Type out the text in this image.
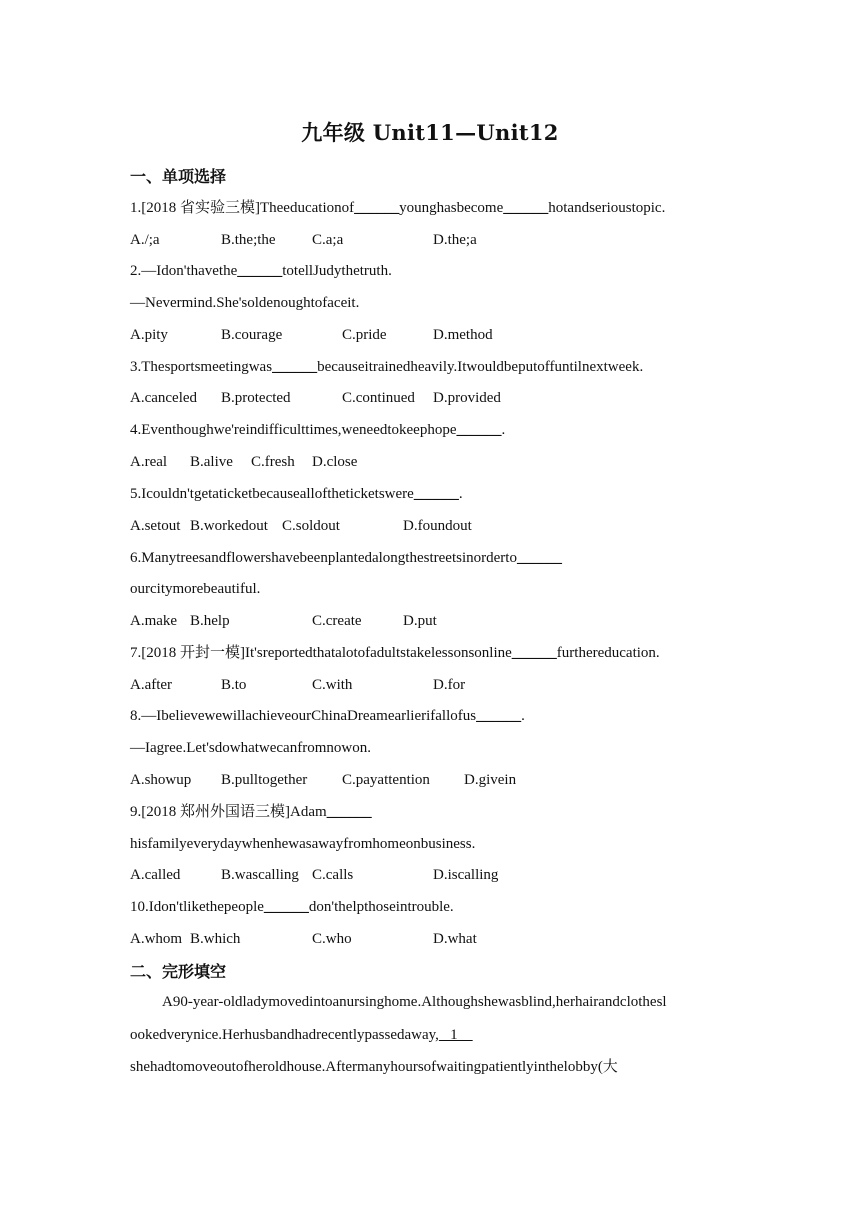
九年级 Unit11—Unit12
一、单项选择
1.[2018 省实验三模]Theeducationof______younghasbecome______hotandserioustopic.
A./;a	B.the;the C.a;a	D.the;a
2.—Idon'thavethe______totellJudythetruth.
—Nevermind.She'soldenoughtofaceit.
A.pity	B.courage	C.pride	D.method
3.Thesportsmeetingwas______becauseitrainedheavily.Itwouldbeputoffuntilnextweek.
A.canceled B.protected	C.continued D.provided
4.Eventhoughwe'reindifficulttimes,weneedtokeephope______.
A.real B.alive C.fresh D.close
5.Icouldn'tgetaticketbecausealloftheticketswere______.
A.setout B.workedout C.soldout	D.foundout
6.Manytreesandflowershavebeenplantedalongthestreetsinorderto______
ourcitymorebeautiful.
A.make B.help	C.create	D.put
7.[2018 开封一模]It'sreportedthatalotofadultstakelessonsonline______furthereducation.
A.after	B.to	C.with	D.for
8.—IbelievewewillachieveourChinaDreamearlierifallofus______.
—Iagree.Let'sdowhatwecanfromnowon.
A.showup B.pulltogether C.payattention D.givein
9.[2018 郑州外国语三模]Adam______
hisfamilyeverydaywhenhewasawayfromhomeonbusiness.
A.called	B.wascalling C.calls	D.iscalling
10.Idon'tlikethepeople______don'thelpthoseintrouble.
A.whom B.which	C.who	D.what
二、完形填空
A90-year-oldladymovedintoanursinghome.Althoughshewasblind,herhairandclothesl
ookedverynice.Herhusbandhadrecentlypassedaway,   1
shehadtomoveoutofheroldhouse.Aftermanyhoursofwaitingpatientlyinthelobby(大
